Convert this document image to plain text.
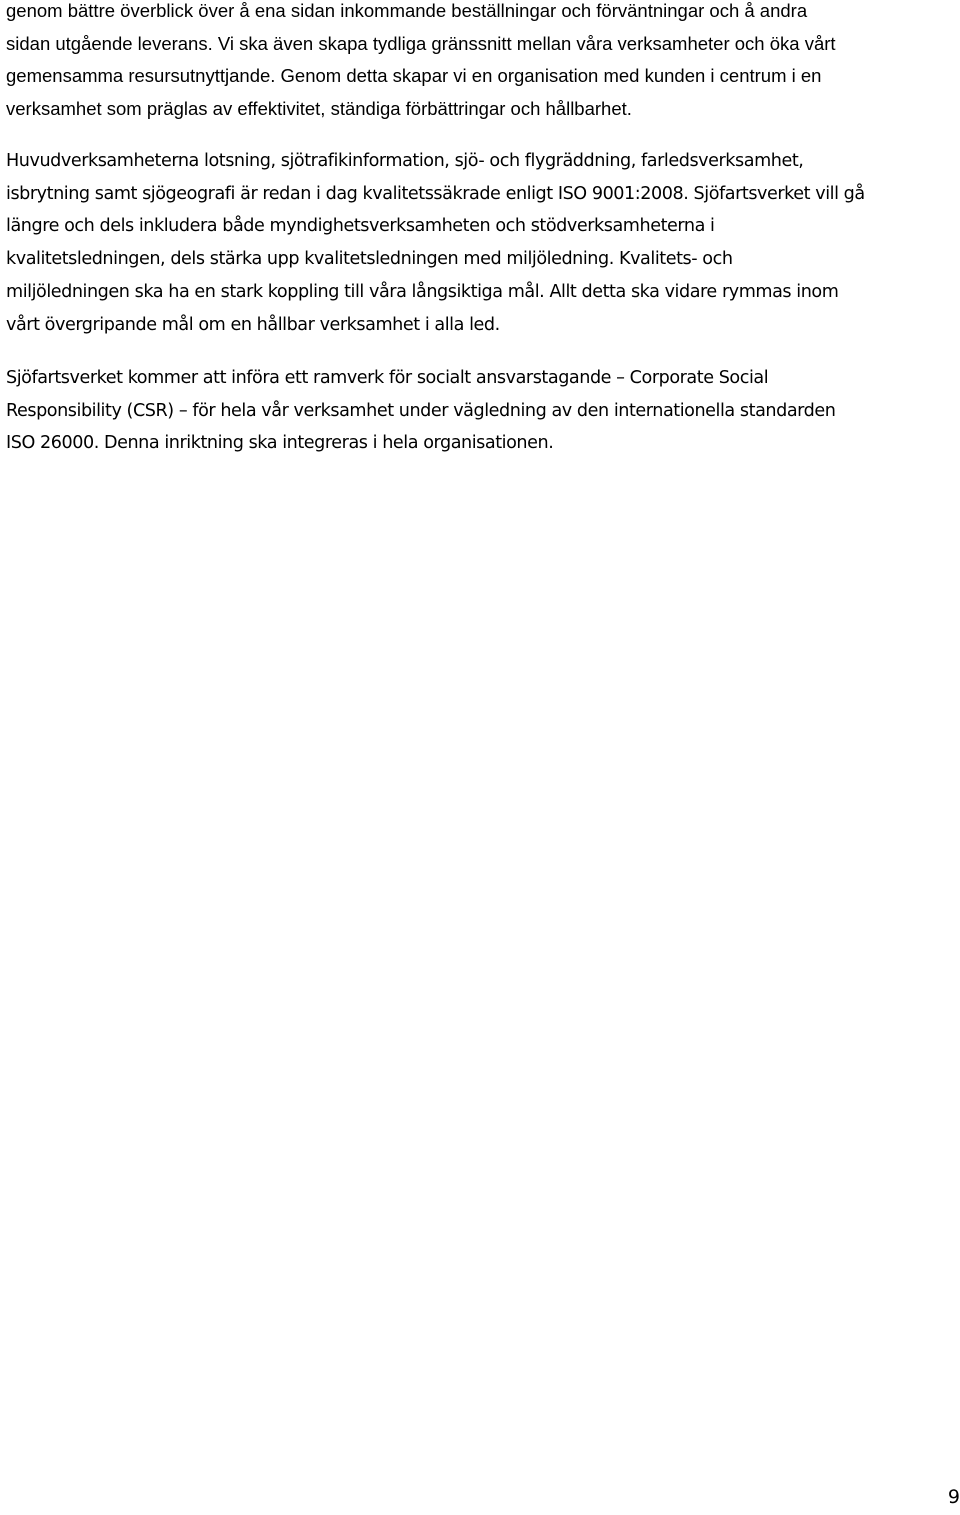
genom bättre överblick över å ena sidan inkommande beställningar och förväntningar och å andra
sidan utgående leverans. Vi ska även skapa tydliga gränssnitt mellan våra verksamheter och öka vårt
gemensamma resursutnyttjande. Genom detta skapar vi en organisation med kunden i centrum i en
verksamhet som präglas av effektivitet, ständiga förbättringar och hållbarhet.

Huvudverksamheterna lotsning, sjötrafikinformation, sjö- och flygräddning, farledsverksamhet,
isbrytning samt sjögeografi är redan i dag kvalitetssäkrade enligt ISO 9001:2008. Sjöfartsverket vill gå
längre och dels inkludera både myndighetsverksamheten och stödverksamheterna i
kvalitetsledningen, dels stärka upp kvalitetsledningen med miljöledning. Kvalitets- och
miljöledningen ska ha en stark koppling till våra långsiktiga mål. Allt detta ska vidare rymmas inom
vårt övergripande mål om en hållbar verksamhet i alla led.

Sjöfartsverket kommer att införa ett ramverk för socialt ansvarstagande – Corporate Social
Responsibility (CSR) – för hela vår verksamhet under vägledning av den internationella standarden
ISO 26000. Denna inriktning ska integreras i hela organisationen.

9
